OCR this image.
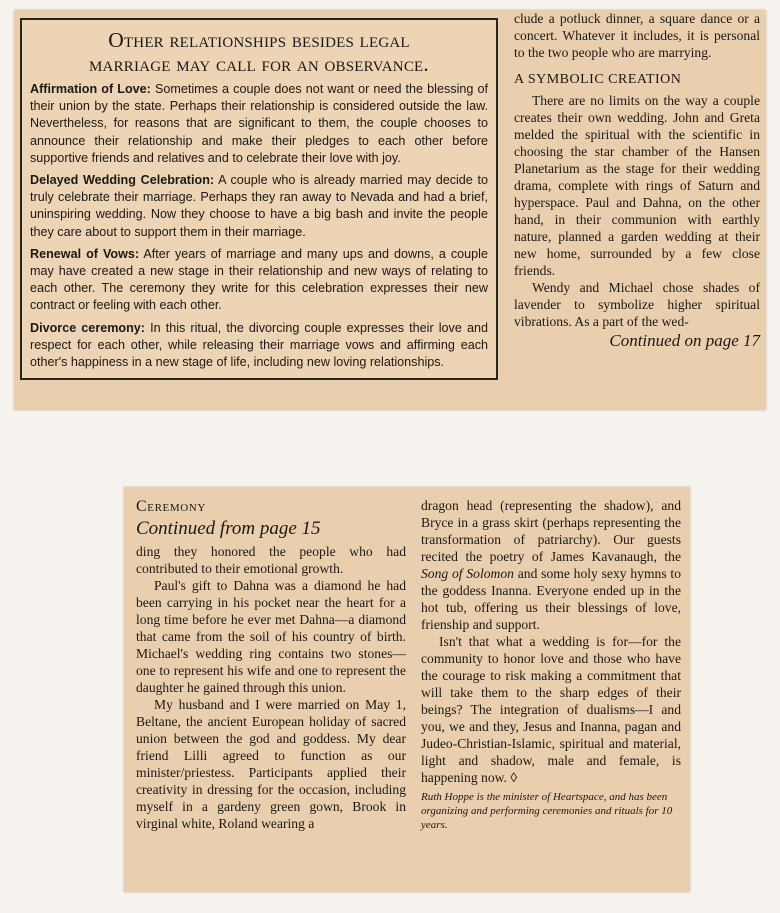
Other relationships besides legal
marriage may call for an observance.

Affirmation of Love: Sometimes a couple does not want or need the blessing of their union by the state. Perhaps their relationship is considered outside the law. Nevertheless, for reasons that are significant to them, the couple chooses to announce their relationship and make their pledges to each other before supportive friends and relatives and to celebrate their love with joy.

Delayed Wedding Celebration: A couple who is already married may decide to truly celebrate their marriage. Perhaps they ran away to Nevada and had a brief, uninspiring wedding. Now they choose to have a big bash and invite the people they care about to support them in their marriage.

Renewal of Vows: After years of marriage and many ups and downs, a couple may have created a new stage in their relationship and new ways of relating to each other. The ceremony they write for this celebration expresses their new contract or feeling with each other.

Divorce ceremony: In this ritual, the divorcing couple expresses their love and respect for each other, while releasing their marriage vows and affirming each other's happiness in a new stage of life, including new loving relationships.

clude a potluck dinner, a square dance or a concert. Whatever it includes, it is personal to the two people who are marrying.

A SYMBOLIC CREATION

There are no limits on the way a couple creates their own wedding. John and Greta melded the spiritual with the scientific in choosing the star chamber of the Hansen Planetarium as the stage for their wedding drama, complete with rings of Saturn and hyperspace. Paul and Dahna, on the other hand, in their communion with earthly nature, planned a garden wedding at their new home, surrounded by a few close friends.

Wendy and Michael chose shades of lavender to symbolize higher spiritual vibrations. As a part of the wed-

Continued on page 17
Ceremony
Continued from page 15

ding they honored the people who had contributed to their emotional growth.

Paul's gift to Dahna was a diamond he had been carrying in his pocket near the heart for a long time before he ever met Dahna—a diamond that came from the soil of his country of birth. Michael's wedding ring contains two stones—one to represent his wife and one to represent the daughter he gained through this union.

My husband and I were married on May 1, Beltane, the ancient European holiday of sacred union between the god and goddess. My dear friend Lilli agreed to function as our minister/priestess. Participants applied their creativity in dressing for the occasion, including myself in a gardeny green gown, Brook in virginal white, Roland wearing a

dragon head (representing the shadow), and Bryce in a grass skirt (perhaps representing the transformation of patriarchy). Our guests recited the poetry of James Kavanaugh, the Song of Solomon and some holy sexy hymns to the goddess Inanna. Everyone ended up in the hot tub, offering us their blessings of love, frienship and support.

Isn't that what a wedding is for—for the community to honor love and those who have the courage to risk making a commitment that will take them to the sharp edges of their beings? The integration of dualisms—I and you, we and they, Jesus and Inanna, pagan and Judeo-Christian-Islamic, spiritual and material, light and shadow, male and female, is happening now. ◊

Ruth Hoppe is the minister of Heartspace, and has been organizing and performing ceremonies and rituals for 10 years.
